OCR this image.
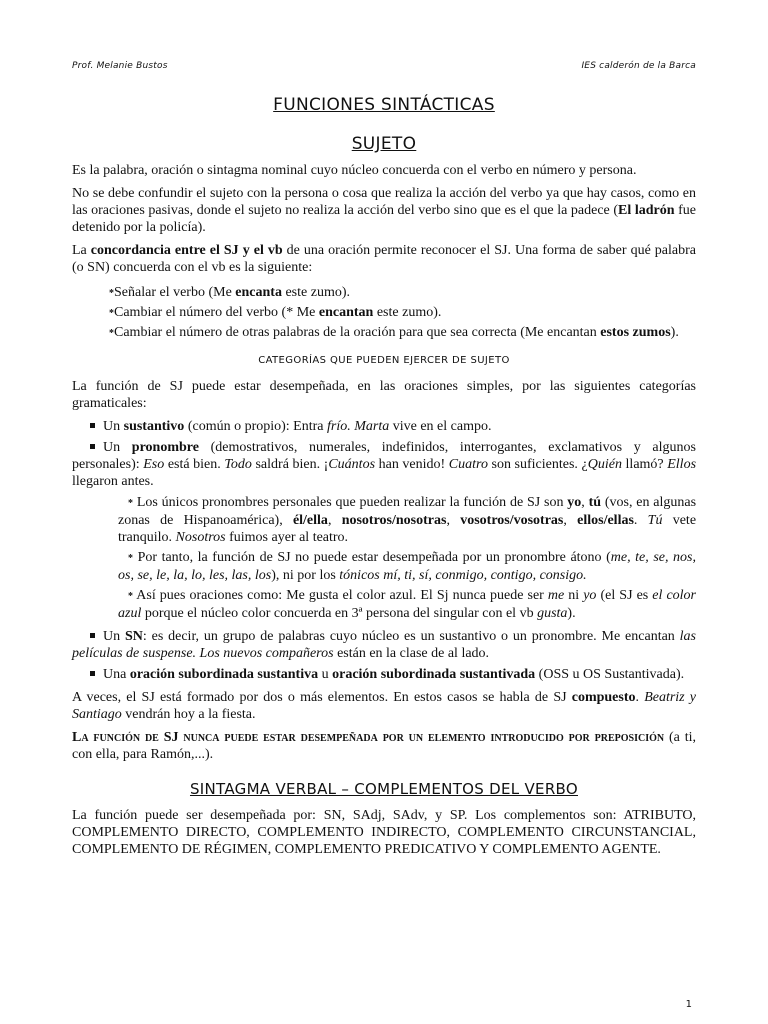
Prof. Melanie Bustos	IES calderón de la Barca
FUNCIONES SINTÁCTICAS
SUJETO

Es la palabra, oración o sintagma nominal cuyo núcleo concuerda con el verbo en número y persona.

No se debe confundir el sujeto con la persona o cosa que realiza la acción del verbo ya que hay casos, como en las oraciones pasivas, donde el sujeto no realiza la acción del verbo sino que es el que la padece (El ladrón fue detenido por la policía).

La concordancia entre el SJ y el vb de una oración permite reconocer el SJ. Una forma de saber qué palabra (o SN) concuerda con el vb es la siguiente:

*Señalar el verbo (Me encanta este zumo).
*Cambiar el número del verbo (* Me encantan este zumo).
*Cambiar el número de otras palabras de la oración para que sea correcta (Me encantan estos zumos).
CATEGORÍAS QUE PUEDEN EJERCER DE SUJETO

La función de SJ puede estar desempeñada, en las oraciones simples, por las siguientes categorías gramaticales:

Un sustantivo (común o propio): Entra frío. Marta vive en el campo.
Un pronombre (demostrativos, numerales, indefinidos, interrogantes, exclamativos y algunos personales): Eso está bien. Todo saldrá bien. ¡Cuántos han venido! Cuatro son suficientes. ¿Quién llamó? Ellos llegaron antes.

* Los únicos pronombres personales que pueden realizar la función de SJ son yo, tú (vos, en algunas zonas de Hispanoamérica), él/ella, nosotros/nosotras, vosotros/vosotras, ellos/ellas. Tú vete tranquilo. Nosotros fuimos ayer al teatro.

* Por tanto, la función de SJ no puede estar desempeñada por un pronombre átono (me, te, se, nos, os, se, le, la, lo, les, las, los), ni por los tónicos mí, ti, sí, conmigo, contigo, consigo.

* Así pues oraciones como: Me gusta el color azul. El Sj nunca puede ser me ni yo (el SJ es el color azul porque el núcleo color concuerda en 3ª persona del singular con el vb gusta).

Un SN: es decir, un grupo de palabras cuyo núcleo es un sustantivo o un pronombre. Me encantan las películas de suspense. Los nuevos compañeros están en la clase de al lado.
Una oración subordinada sustantiva u oración subordinada sustantivada (OSS u OS Sustantivada).

A veces, el SJ está formado por dos o más elementos. En estos casos se habla de SJ compuesto. Beatriz y Santiago vendrán hoy a la fiesta.

La función de SJ nunca puede estar desempeñada por un elemento introducido por preposición (a ti, con ella, para Ramón,...).

SINTAGMA VERBAL – COMPLEMENTOS DEL VERBO

La función puede ser desempeñada por: SN, SAdj, SAdv, y SP. Los complementos son: ATRIBUTO, COMPLEMENTO DIRECTO, COMPLEMENTO INDIRECTO, COMPLEMENTO CIRCUNSTANCIAL, COMPLEMENTO DE RÉGIMEN, COMPLEMENTO PREDICATIVO Y COMPLEMENTO AGENTE.

1
